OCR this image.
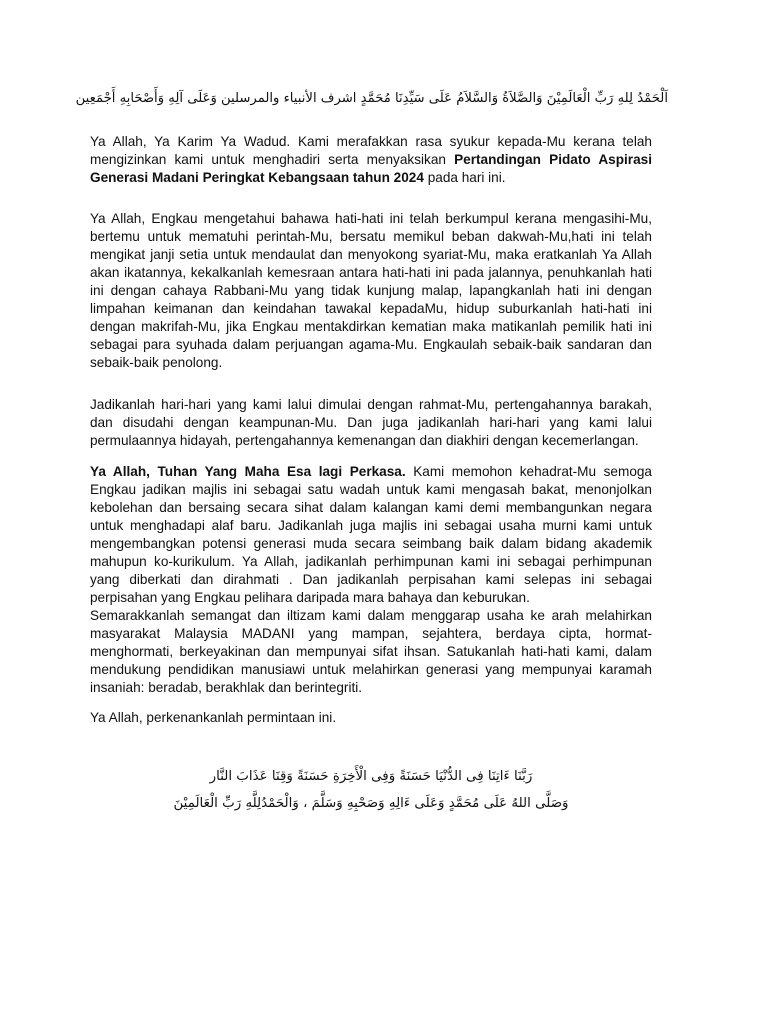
اَلْحَمْدُ لِلهِ رَبِّ الْعَالَمِيْنَ وَالصَّلاَةُ وَالسَّلاَمُ عَلَى سَيِّدِنَا مُحَمَّدٍ اشرف الأنبياء والمرسلين وَعَلَى آلِهِ وَأَصْحَابِهِ أَجْمَعِين

Ya Allah, Ya Karim Ya Wadud. Kami merafakkan rasa syukur kepada-Mu kerana telah mengizinkan kami untuk menghadiri serta menyaksikan Pertandingan Pidato Aspirasi Generasi Madani Peringkat Kebangsaan tahun 2024 pada hari ini.

Ya Allah, Engkau mengetahui bahawa hati-hati ini telah berkumpul kerana mengasihi-Mu, bertemu untuk mematuhi perintah-Mu, bersatu memikul beban dakwah-Mu,hati ini telah mengikat janji setia untuk mendaulat dan menyokong syariat-Mu, maka eratkanlah Ya Allah akan ikatannya, kekalkanlah kemesraan antara hati-hati ini pada jalannya, penuhkanlah hati ini dengan cahaya Rabbani-Mu yang tidak kunjung malap, lapangkanlah hati ini dengan limpahan keimanan dan keindahan tawakal kepadaMu, hidup suburkanlah hati-hati ini dengan makrifah-Mu, jika Engkau mentakdirkan kematian maka matikanlah pemilik hati ini sebagai para syuhada dalam perjuangan agama-Mu. Engkaulah sebaik-baik sandaran dan sebaik-baik penolong.

Jadikanlah hari-hari yang kami lalui dimulai dengan rahmat-Mu, pertengahannya barakah, dan disudahi dengan keampunan-Mu. Dan juga jadikanlah hari-hari yang kami lalui permulaannya hidayah, pertengahannya kemenangan dan diakhiri dengan kecemerlangan.

Ya Allah, Tuhan Yang Maha Esa lagi Perkasa. Kami memohon kehadrat-Mu semoga Engkau jadikan majlis ini sebagai satu wadah untuk kami mengasah bakat, menonjolkan kebolehan dan bersaing secara sihat dalam kalangan kami demi membangunkan negara untuk menghadapi alaf baru. Jadikanlah juga majlis ini sebagai usaha murni kami untuk mengembangkan potensi generasi muda secara seimbang baik dalam bidang akademik mahupun ko-kurikulum. Ya Allah, jadikanlah perhimpunan kami ini sebagai perhimpunan yang diberkati dan dirahmati . Dan jadikanlah perpisahan kami selepas ini sebagai perpisahan yang Engkau pelihara daripada mara bahaya dan keburukan.

Semarakkanlah semangat dan iltizam kami dalam menggarap usaha ke arah melahirkan masyarakat Malaysia MADANI yang mampan, sejahtera, berdaya cipta, hormat-menghormati, berkeyakinan dan mempunyai sifat ihsan. Satukanlah hati-hati kami, dalam mendukung pendidikan manusiawi untuk melahirkan generasi yang mempunyai karamah insaniah: beradab, berakhlak dan berintegriti.

Ya Allah, perkenankanlah permintaan ini.

رَبَّنَا ءَاتِنَا فِى الدُّنْيَا حَسَنَةً وَفِى الْأَخِرَةِ حَسَنَةً وَقِنَا عَذَابَ النَّار
وَصَلَّى اللهُ عَلَى مُحَمَّدٍ وَعَلَى ءَالِهِ وَصَحْبِهِ وَسَلَّمَ ، وَالْحَمْدُلِلَّهِ رَبِّ الْعَالَمِيْنَ
